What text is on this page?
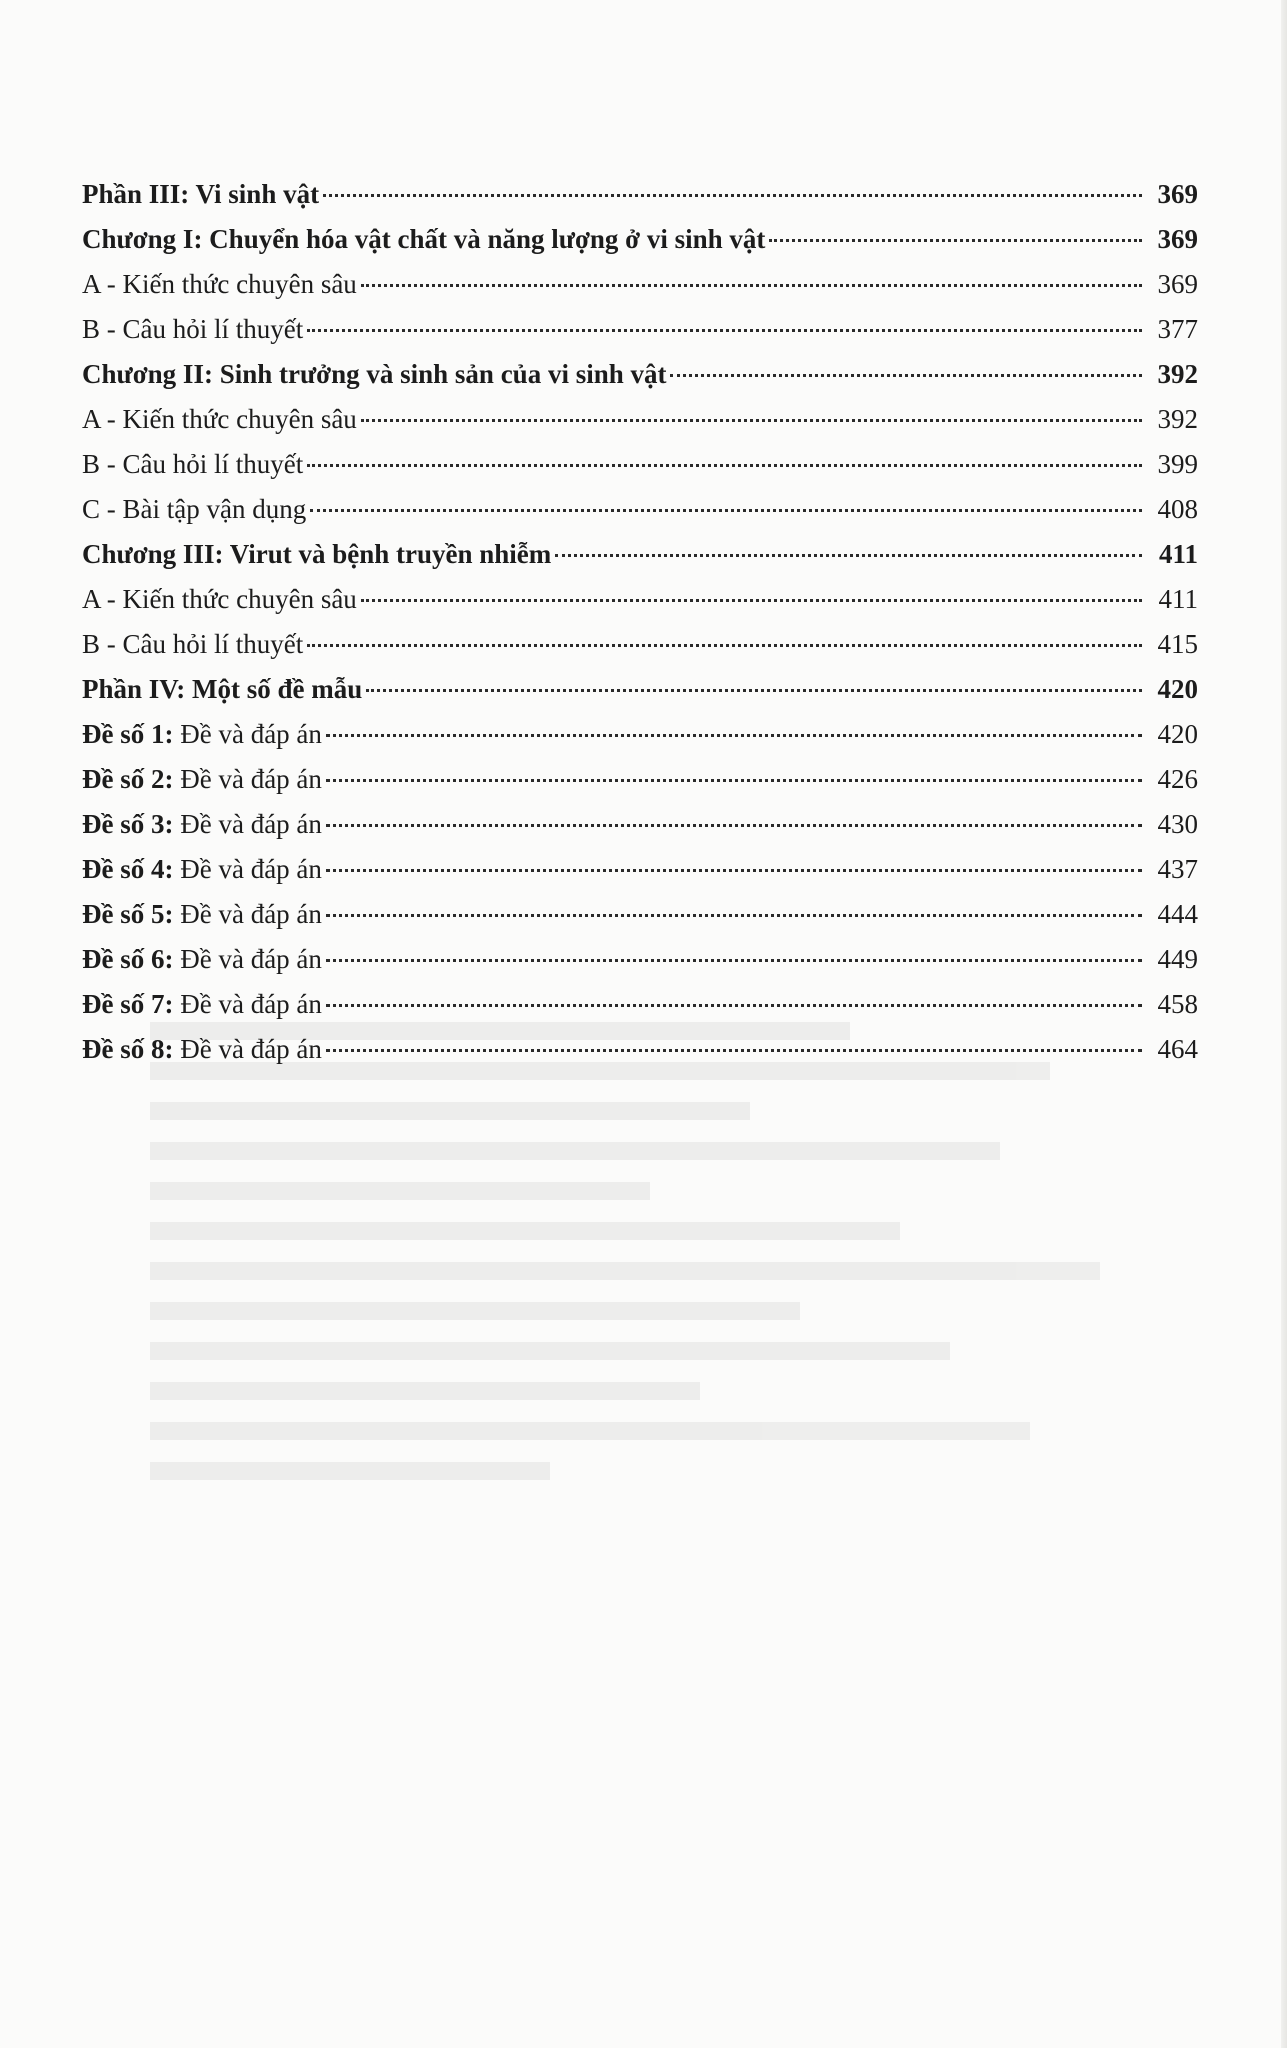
Phần III: Vi sinh vật	369
Chương I: Chuyển hóa vật chất và năng lượng ở vi sinh vật	369
A - Kiến thức chuyên sâu	369
B - Câu hỏi lí thuyết	377
Chương II: Sinh trưởng và sinh sản của vi sinh vật	392
A - Kiến thức chuyên sâu	392
B - Câu hỏi lí thuyết	399
C - Bài tập vận dụng	408
Chương III: Virut và bệnh truyền nhiễm	411
A - Kiến thức chuyên sâu	411
B - Câu hỏi lí thuyết	415
Phần IV: Một số đề mẫu	420
Đề số 1: Đề và đáp án	420
Đề số 2: Đề và đáp án	426
Đề số 3: Đề và đáp án	430
Đề số 4: Đề và đáp án	437
Đề số 5: Đề và đáp án	444
Đề số 6: Đề và đáp án	449
Đề số 7: Đề và đáp án	458
Đề số 8: Đề và đáp án	464
